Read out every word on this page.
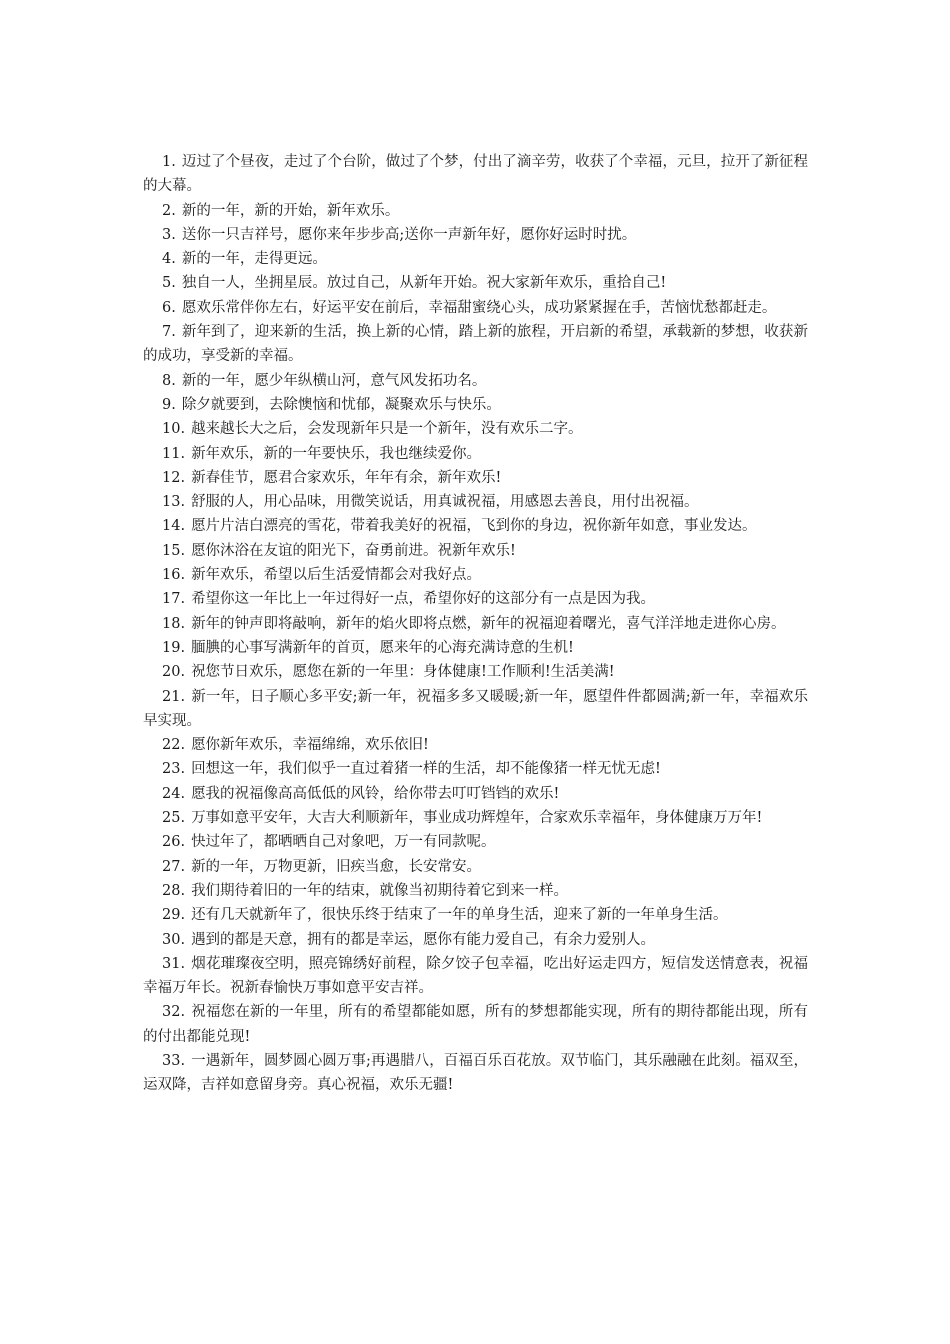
1. 迈过了个昼夜，走过了个台阶，做过了个梦，付出了滴辛劳，收获了个幸福，元旦，拉开了新征程的大幕。

2. 新的一年，新的开始，新年欢乐。

3. 送你一只吉祥号，愿你来年步步高;送你一声新年好，愿你好运时时扰。

4. 新的一年，走得更远。

5. 独自一人，坐拥星辰。放过自己，从新年开始。祝大家新年欢乐，重拾自己!

6. 愿欢乐常伴你左右，好运平安在前后，幸福甜蜜绕心头，成功紧紧握在手，苦恼忧愁都赶走。

7. 新年到了，迎来新的生活，换上新的心情，踏上新的旅程，开启新的希望，承载新的梦想，收获新的成功，享受新的幸福。

8. 新的一年，愿少年纵横山河，意气风发拓功名。

9. 除夕就要到，去除懊恼和忧郁，凝聚欢乐与快乐。

10. 越来越长大之后，会发现新年只是一个新年，没有欢乐二字。

11. 新年欢乐，新的一年要快乐，我也继续爱你。

12. 新春佳节，愿君合家欢乐，年年有余，新年欢乐!

13. 舒服的人，用心品味，用微笑说话，用真诚祝福，用感恩去善良，用付出祝福。

14. 愿片片洁白漂亮的雪花，带着我美好的祝福，飞到你的身边，祝你新年如意，事业发达。

15. 愿你沐浴在友谊的阳光下，奋勇前进。祝新年欢乐!

16. 新年欢乐，希望以后生活爱情都会对我好点。

17. 希望你这一年比上一年过得好一点，希望你好的这部分有一点是因为我。

18. 新年的钟声即将敲响，新年的焰火即将点燃，新年的祝福迎着曙光，喜气洋洋地走进你心房。

19. 腼腆的心事写满新年的首页，愿来年的心海充满诗意的生机!

20. 祝您节日欢乐，愿您在新的一年里：身体健康!工作顺利!生活美满!

21. 新一年，日子顺心多平安;新一年，祝福多多又暖暖;新一年，愿望件件都圆满;新一年，幸福欢乐早实现。

22. 愿你新年欢乐，幸福绵绵，欢乐依旧!

23. 回想这一年，我们似乎一直过着猪一样的生活，却不能像猪一样无忧无虑!

24. 愿我的祝福像高高低低的风铃，给你带去叮叮铛铛的欢乐!

25. 万事如意平安年，大吉大利顺新年，事业成功辉煌年，合家欢乐幸福年，身体健康万万年!

26. 快过年了，都晒晒自己对象吧，万一有同款呢。

27. 新的一年，万物更新，旧疾当愈，长安常安。

28. 我们期待着旧的一年的结束，就像当初期待着它到来一样。

29. 还有几天就新年了，很快乐终于结束了一年的单身生活，迎来了新的一年单身生活。

30. 遇到的都是天意，拥有的都是幸运，愿你有能力爱自己，有余力爱别人。

31. 烟花璀璨夜空明，照亮锦绣好前程，除夕饺子包幸福，吃出好运走四方，短信发送情意表，祝福幸福万年长。祝新春愉快万事如意平安吉祥。

32. 祝福您在新的一年里，所有的希望都能如愿，所有的梦想都能实现，所有的期待都能出现，所有的付出都能兑现!

33. 一遇新年，圆梦圆心圆万事;再遇腊八，百福百乐百花放。双节临门，其乐融融在此刻。福双至，运双降，吉祥如意留身旁。真心祝福，欢乐无疆!
